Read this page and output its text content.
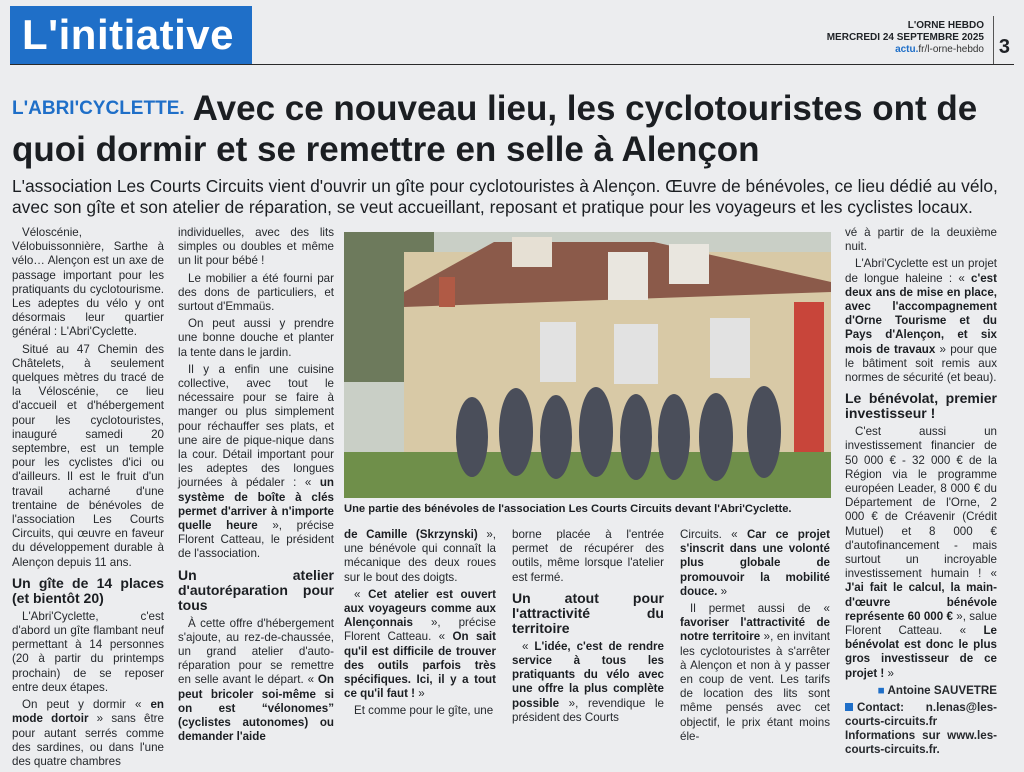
L'initiative	L'ORNE HEBDO
MERCREDI 24 SEPTEMBRE 2025
actu.fr/l-orne-hebdo 3
L'ABRI'CYCLETTE. Avec ce nouveau lieu, les cyclotouristes ont de quoi dormir et se remettre en selle à Alençon
L'association Les Courts Circuits vient d'ouvrir un gîte pour cyclotouristes à Alençon. Œuvre de bénévoles, ce lieu dédié au vélo, avec son gîte et son atelier de réparation, se veut accueillant, reposant et pratique pour les voyageurs et les cyclistes locaux.

Véloscénie, Vélobuissonnière, Sarthe à vélo… Alençon est un axe de passage important pour les pratiquants du cyclotourisme. Les adeptes du vélo y ont désormais leur quartier général : L'Abri'Cyclette.

Situé au 47 Chemin des Châtelets, à seulement quelques mètres du tracé de la Véloscénie, ce lieu d'accueil et d'hébergement pour les cyclotouristes, inauguré samedi 20 septembre, est un temple pour les cyclistes d'ici ou d'ailleurs. Il est le fruit d'un travail acharné d'une trentaine de bénévoles de l'association Les Courts Circuits, qui œuvre en faveur du développement durable à Alençon depuis 11 ans.

Un gîte de 14 places (et bientôt 20)

L'Abri'Cyclette, c'est d'abord un gîte flambant neuf permettant à 14 personnes (20 à partir du printemps prochain) de se reposer entre deux étapes.

On peut y dormir « en mode dortoir » sans être pour autant serrés comme des sardines, ou dans l'une des quatre chambres

individuelles, avec des lits simples ou doubles et même un lit pour bébé !

Le mobilier a été fourni par des dons de particuliers, et surtout d'Emmaüs.

On peut aussi y prendre une bonne douche et planter la tente dans le jardin.

Il y a enfin une cuisine collective, avec tout le nécessaire pour se faire à manger ou plus simplement pour réchauffer ses plats, et une aire de pique-nique dans la cour. Détail important pour les adeptes des longues journées à pédaler : « un système de boîte à clés permet d'arriver à n'importe quelle heure », précise Florent Catteau, le président de l'association.

Un atelier d'autoréparation pour tous

À cette offre d'hébergement s'ajoute, au rez-de-chaussée, un grand atelier d'auto-réparation pour se remettre en selle avant le départ. « On peut bricoler soi-même si on est “vélonomes” (cyclistes autonomes) ou demander l'aide

Une partie des bénévoles de l'association Les Courts Circuits devant l'Abri'Cyclette.

de Camille (Skrzynski) », une bénévole qui connaît la mécanique des deux roues sur le bout des doigts.

« Cet atelier est ouvert aux voyageurs comme aux Alençonnais », précise Florent Catteau. « On sait qu'il est difficile de trouver des outils parfois très spécifiques. Ici, il y a tout ce qu'il faut ! »

Et comme pour le gîte, une

borne placée à l'entrée permet de récupérer des outils, même lorsque l'atelier est fermé.

Un atout pour l'attractivité du territoire

« L'idée, c'est de rendre service à tous les pratiquants du vélo avec une offre la plus complète possible », revendique le président des Courts

Circuits. « Car ce projet s'inscrit dans une volonté plus globale de promouvoir la mobilité douce. »

Il permet aussi de « favoriser l'attractivité de notre territoire », en invitant les cyclotouristes à s'arrêter à Alençon et non à y passer en coup de vent. Les tarifs de location des lits sont même pensés avec cet objectif, le prix étant moins éle-

vé à partir de la deuxième nuit.

L'Abri'Cyclette est un projet de longue haleine : « c'est deux ans de mise en place, avec l'accompagnement d'Orne Tourisme et du Pays d'Alençon, et six mois de travaux » pour que le bâtiment soit remis aux normes de sécurité (et beau).

Le bénévolat, premier investisseur !

C'est aussi un investissement financier de 50 000 € - 32 000 € de la Région via le programme européen Leader, 8 000 € du Département de l'Orne, 2 000 € de Créavenir (Crédit Mutuel) et 8 000 € d'autofinancement - mais surtout un incroyable investissement humain ! « J'ai fait le calcul, la main-d'œuvre bénévole représente 60 000 € », salue Florent Catteau. « Le bénévolat est donc le plus gros investisseur de ce projet ! »

■ Antoine SAUVETRE

Contact: n.lenas@les-courts-circuits.fr
Informations sur www.les-courts-circuits.fr.
